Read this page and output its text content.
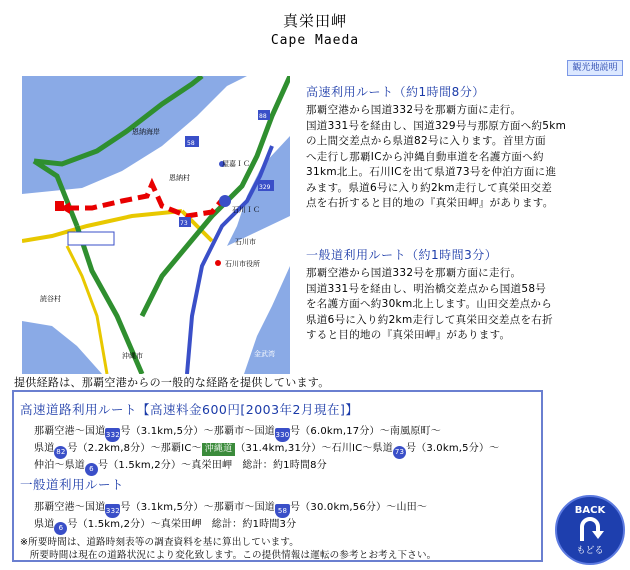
真栄田岬
Cape Maeda
観光地説明
恩納海岸
恩納村
屋嘉ＩＣ
石川ＩＣ
石川市
石川市役所
読谷村
沖縄市	金武湾
58
329
73
88
高速利用ルート（約1時間8分）
那覇空港から国道332号を那覇方面に走行。
国道331号を経由し、国道329号与那原方面へ約5km
の上間交差点から県道82号に入ります。首里方面
へ走行し那覇ICから沖縄自動車道を名護方面へ約
31km北上。石川ICを出て県道73号を仲泊方面に進
みます。県道6号に入り約2km走行して真栄田交差
点を右折すると目的地の『真栄田岬』があります。
一般道利用ルート（約1時間3分）
那覇空港から国道332号を那覇方面に走行。
国道331号を経由し、明治橋交差点から国道58号
を名護方面へ約30km北上します。山田交差点から
県道6号に入り約2km走行して真栄田交差点を右折
すると目的地の『真栄田岬』があります。
提供経路は、那覇空港からの一般的な経路を提供しています。
高速道路利用ルート【高速料金600円[2003年2月現在]】
那覇空港～国道332号（3.1km,5分）～那覇市～国道330号（6.0km,17分）～南風原町～
県道 82 号（2.2km,8分）～那覇IC～ 沖縄道 （31.4km,31分）～石川IC～県道 73 号（3.0km,5分）～
仲泊～県道 6 号（1.5km,2分）～真栄田岬　総計：約1時間8分
一般道利用ルート
那覇空港～国道332号（3.1km,5分）～那覇市～国道 58 号（30.0km,56分）～山田～
県道 6 号（1.5km,2分）～真栄田岬　総計：約1時間3分
※所要時間は、道路時刻表等の調査資料を基に算出しています。
　所要時間は現在の道路状況により変化致します。この提供情報は運転の参考とお考え下さい。
BACK
もどる
